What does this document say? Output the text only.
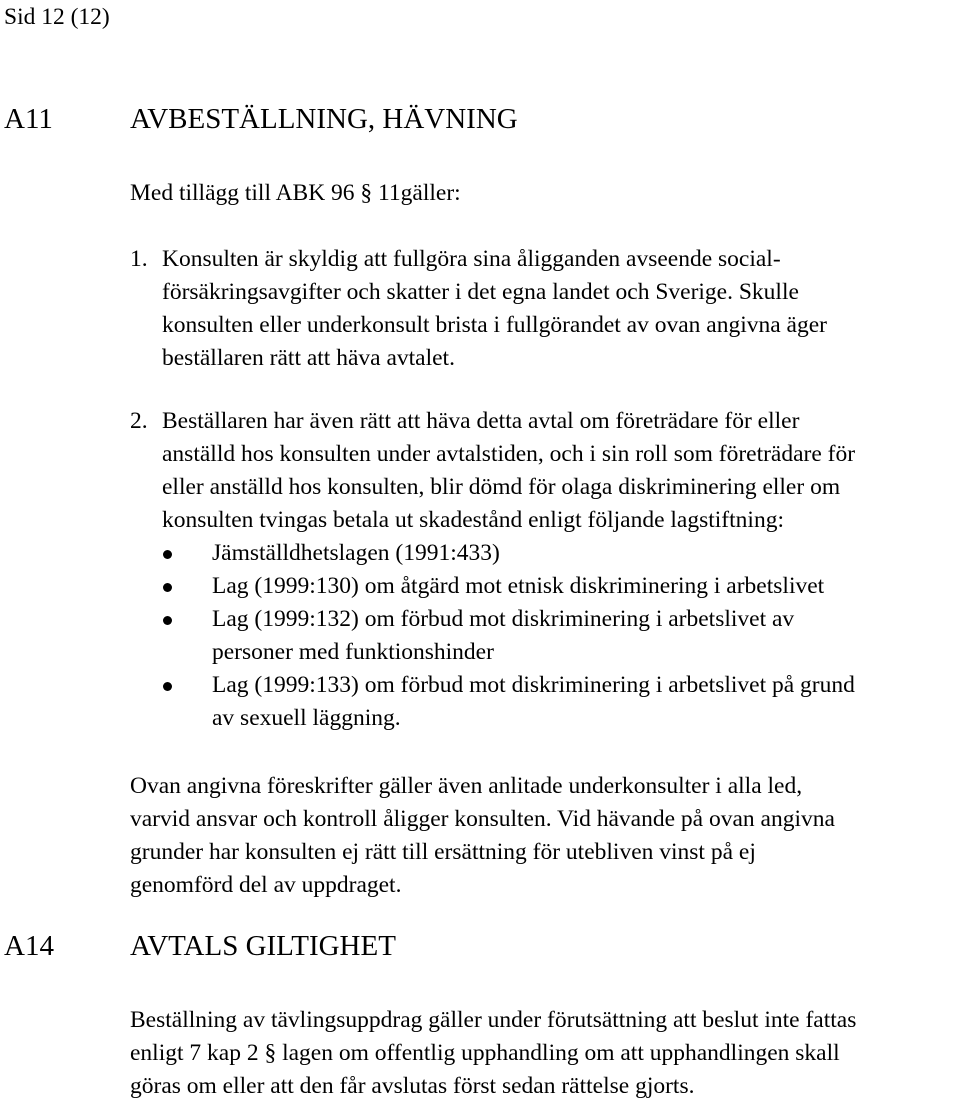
Sid 12 (12)
A11	AVBESTÄLLNING, HÄVNING
Med tillägg till ABK 96 § 11gäller:
1. Konsulten är skyldig att fullgöra sina åligganden avseende social-
försäkringsavgifter och skatter i det egna landet och Sverige. Skulle
konsulten eller underkonsult brista i fullgörandet av ovan angivna äger
beställaren rätt att häva avtalet.
2. Beställaren har även rätt att häva detta avtal om företrädare för eller
anställd hos konsulten under avtalstiden, och i sin roll som företrädare för
eller anställd hos konsulten, blir dömd för olaga diskriminering eller om
konsulten tvingas betala ut skadestånd enligt följande lagstiftning:
Jämställdhetslagen (1991:433)
Lag (1999:130) om åtgärd mot etnisk diskriminering i arbetslivet
Lag (1999:132) om förbud mot diskriminering i arbetslivet av
personer med funktionshinder
Lag (1999:133) om förbud mot diskriminering i arbetslivet på grund
av sexuell läggning.
Ovan angivna föreskrifter gäller även anlitade underkonsulter i alla led,
varvid ansvar och kontroll åligger konsulten. Vid hävande på ovan angivna
grunder har konsulten ej rätt till ersättning för utebliven vinst på ej
genomförd del av uppdraget.
A14	AVTALS GILTIGHET
Beställning av tävlingsuppdrag gäller under förutsättning att beslut inte fattas
enligt 7 kap 2 § lagen om offentlig upphandling om att upphandlingen skall
göras om eller att den får avslutas först sedan rättelse gjorts.
